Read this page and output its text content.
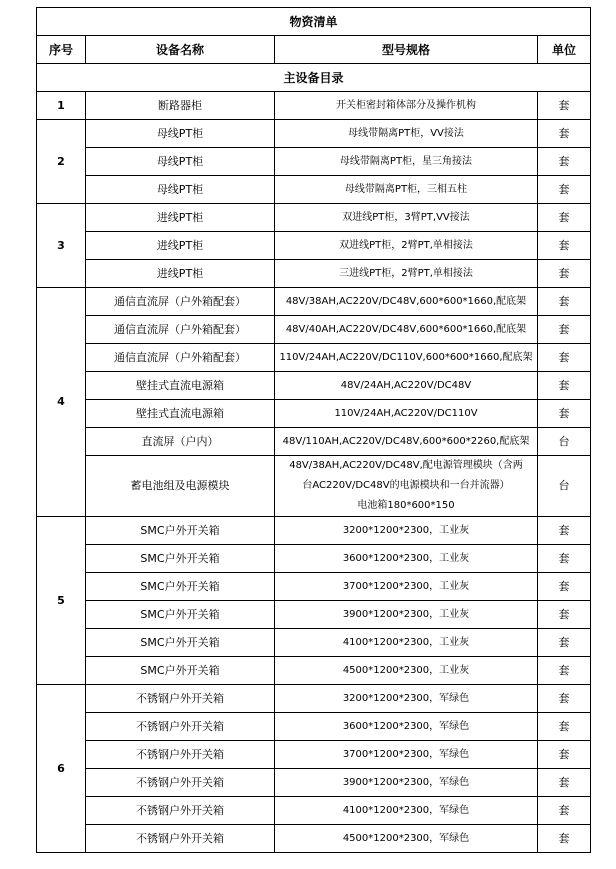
物资清单			
序号	设备名称	型号规格	单位
主设备目录			
1	断路器柜	开关柜密封箱体部分及操作机构	套
2	母线PT柜	母线带隔离PT柜，VV接法	套
	母线PT柜	母线带隔离PT柜，星三角接法	套
	母线PT柜	母线带隔离PT柜，三相五柱	套
3	进线PT柜	双进线PT柜，3臂PT,VV接法	套
	进线PT柜	双进线PT柜，2臂PT,单相接法	套
	进线PT柜	三进线PT柜，2臂PT,单相接法	套
4	通信直流屏（户外箱配套）	48V/38AH,AC220V/DC48V,600*600*1660,配底架	套
	通信直流屏（户外箱配套）	48V/40AH,AC220V/DC48V,600*600*1660,配底架	套
	通信直流屏（户外箱配套）	110V/24AH,AC220V/DC110V,600*600*1660,配底架	套
	壁挂式直流电源箱	48V/24AH,AC220V/DC48V	套
	壁挂式直流电源箱	110V/24AH,AC220V/DC110V	套
	直流屏（户内）	48V/110AH,AC220V/DC48V,600*600*2260,配底架	台
	蓄电池组及电源模块	48V/38AH,AC220V/DC48V,配电源管理模块（含两
台AC220V/DC48V的电源模块和一台并流器）
电池箱180*600*150	台
5	SMC户外开关箱	3200*1200*2300，工业灰	套
	SMC户外开关箱	3600*1200*2300，工业灰	套
	SMC户外开关箱	3700*1200*2300，工业灰	套
	SMC户外开关箱	3900*1200*2300，工业灰	套
	SMC户外开关箱	4100*1200*2300，工业灰	套
	SMC户外开关箱	4500*1200*2300，工业灰	套
6	不锈钢户外开关箱	3200*1200*2300，军绿色	套
	不锈钢户外开关箱	3600*1200*2300，军绿色	套
	不锈钢户外开关箱	3700*1200*2300，军绿色	套
	不锈钢户外开关箱	3900*1200*2300，军绿色	套
	不锈钢户外开关箱	4100*1200*2300，军绿色	套
	不锈钢户外开关箱	4500*1200*2300，军绿色	套
